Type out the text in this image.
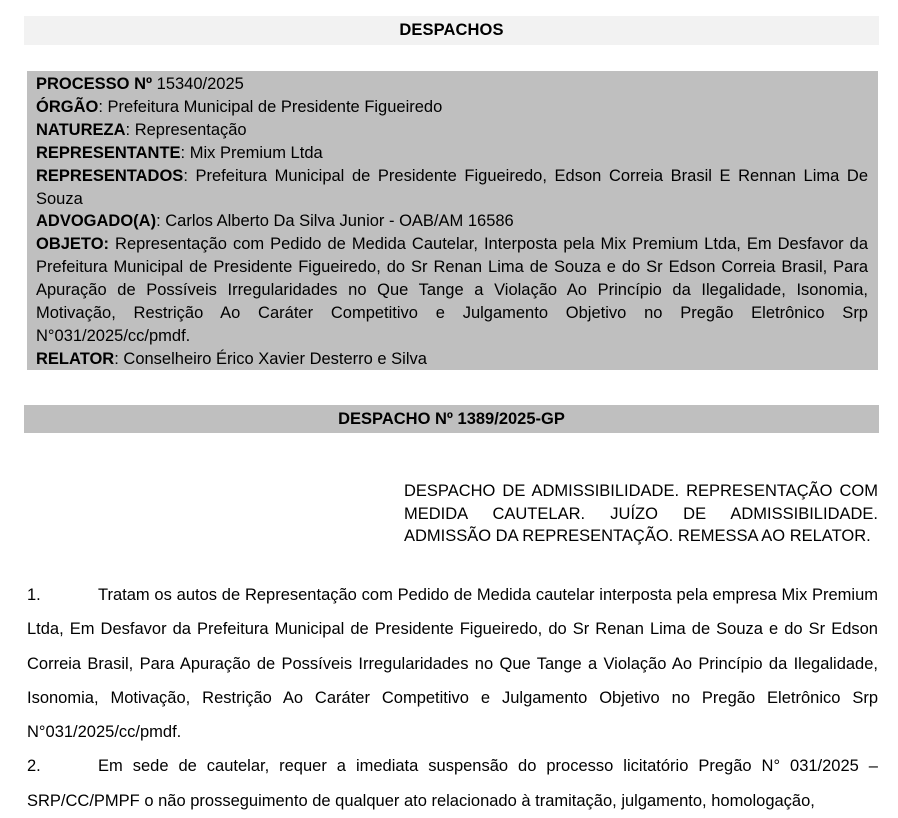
DESPACHOS
PROCESSO Nº 15340/2025
ÓRGÃO: Prefeitura Municipal de Presidente Figueiredo
NATUREZA: Representação
REPRESENTANTE: Mix Premium Ltda
REPRESENTADOS: Prefeitura Municipal de Presidente Figueiredo, Edson Correia Brasil E Rennan Lima De Souza
ADVOGADO(A): Carlos Alberto Da Silva Junior - OAB/AM 16586
OBJETO: Representação com Pedido de Medida Cautelar, Interposta pela Mix Premium Ltda, Em Desfavor da Prefeitura Municipal de Presidente Figueiredo, do Sr Renan Lima de Souza e do Sr Edson Correia Brasil, Para Apuração de Possíveis Irregularidades no Que Tange a Violação Ao Princípio da Ilegalidade, Isonomia, Motivação, Restrição Ao Caráter Competitivo e Julgamento Objetivo no Pregão Eletrônico Srp N°031/2025/cc/pmdf.
RELATOR: Conselheiro Érico Xavier Desterro e Silva
DESPACHO Nº 1389/2025-GP
DESPACHO DE ADMISSIBILIDADE. REPRESENTAÇÃO COM MEDIDA CAUTELAR. JUÍZO DE ADMISSIBILIDADE. ADMISSÃO DA REPRESENTAÇÃO. REMESSA AO RELATOR.

1.	Tratam os autos de Representação com Pedido de Medida cautelar interposta pela empresa Mix Premium Ltda, Em Desfavor da Prefeitura Municipal de Presidente Figueiredo, do Sr Renan Lima de Souza e do Sr Edson Correia Brasil, Para Apuração de Possíveis Irregularidades no Que Tange a Violação Ao Princípio da Ilegalidade, Isonomia, Motivação, Restrição Ao Caráter Competitivo e Julgamento Objetivo no Pregão Eletrônico Srp N°031/2025/cc/pmdf.

2.	Em sede de cautelar, requer a imediata suspensão do processo licitatório Pregão N° 031/2025 – SRP/CC/PMPF o não prosseguimento de qualquer ato relacionado à tramitação, julgamento, homologação,
